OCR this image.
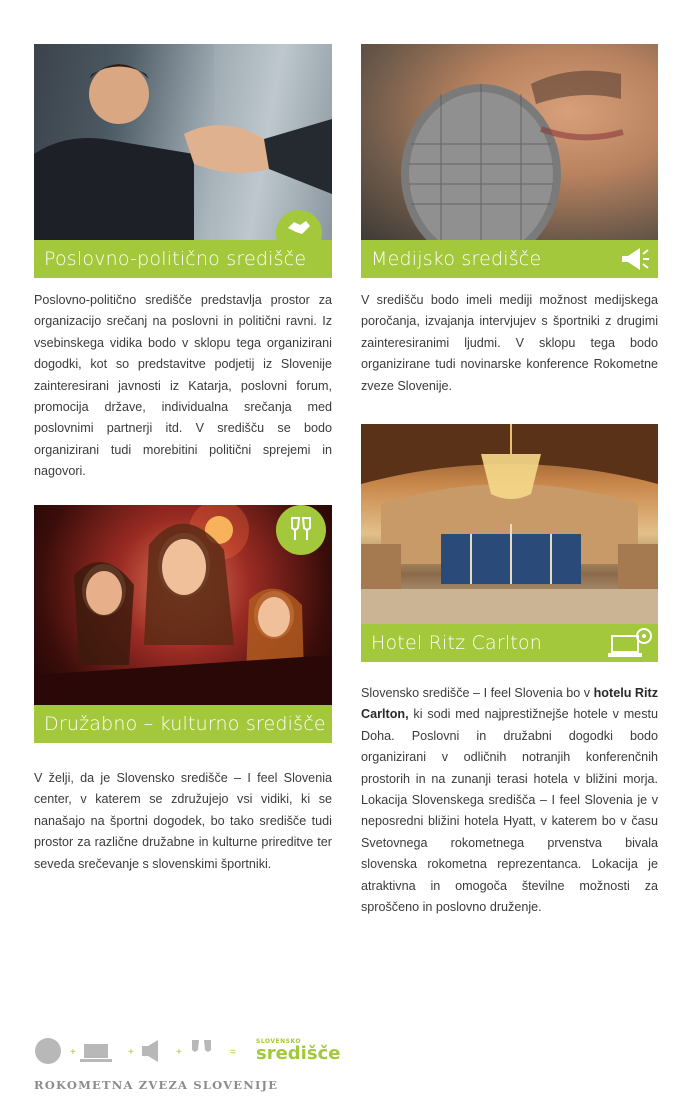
Poslovno-politično središče
Poslovno-politično središče predstavlja prostor za organizacijo srečanj na poslovni in politični ravni. Iz vsebinskega vidika bodo v sklopu tega organizirani dogodki, kot so predstavitve podjetij iz Slovenije zainteresirani javnosti iz Katarja, poslovni forum, promocija države, individualna srečanja med poslovnimi partnerji itd. V središču se bodo organizirani tudi morebitini politični sprejemi in nagovori.
Medijsko središče
V središču bodo imeli mediji možnost medijskega poročanja, izvajanja intervjujev s športniki z drugimi zainteresiranimi ljudmi. V sklopu tega bodo organizirane tudi novinarske konference Rokometne zveze Slovenije.
Hotel Ritz Carlton
Slovensko središče – I feel Slovenia bo v hotelu Ritz Carlton, ki sodi med najprestižnejše hotele v mestu Doha. Poslovni in družabni dogodki bodo organizirani v odličnih notranjih konferenčnih prostorih in na zunanji terasi hotela v bližini morja. Lokacija Slovenskega središča – I feel Slovenia je v neposredni bližini hotela Hyatt, v katerem bo v času Svetovnega rokometnega prvenstva bivala slovenska rokometna reprezentanca. Lokacija je atraktivna in omogoča številne možnosti za sproščeno in poslovno druženje.
Družabno – kulturno središče
V želji, da je Slovensko središče – I feel Slovenia center, v katerem se združujejo vsi vidiki, ki se nanašajo na športni dogodek, bo tako središče tudi prostor za različne družabne in kulturne prireditve ter seveda srečevanje s slovenskimi športniki.
+	+	+	=
SLOVENSKO
središče
ROKOMETNA ZVEZA SLOVENIJE
